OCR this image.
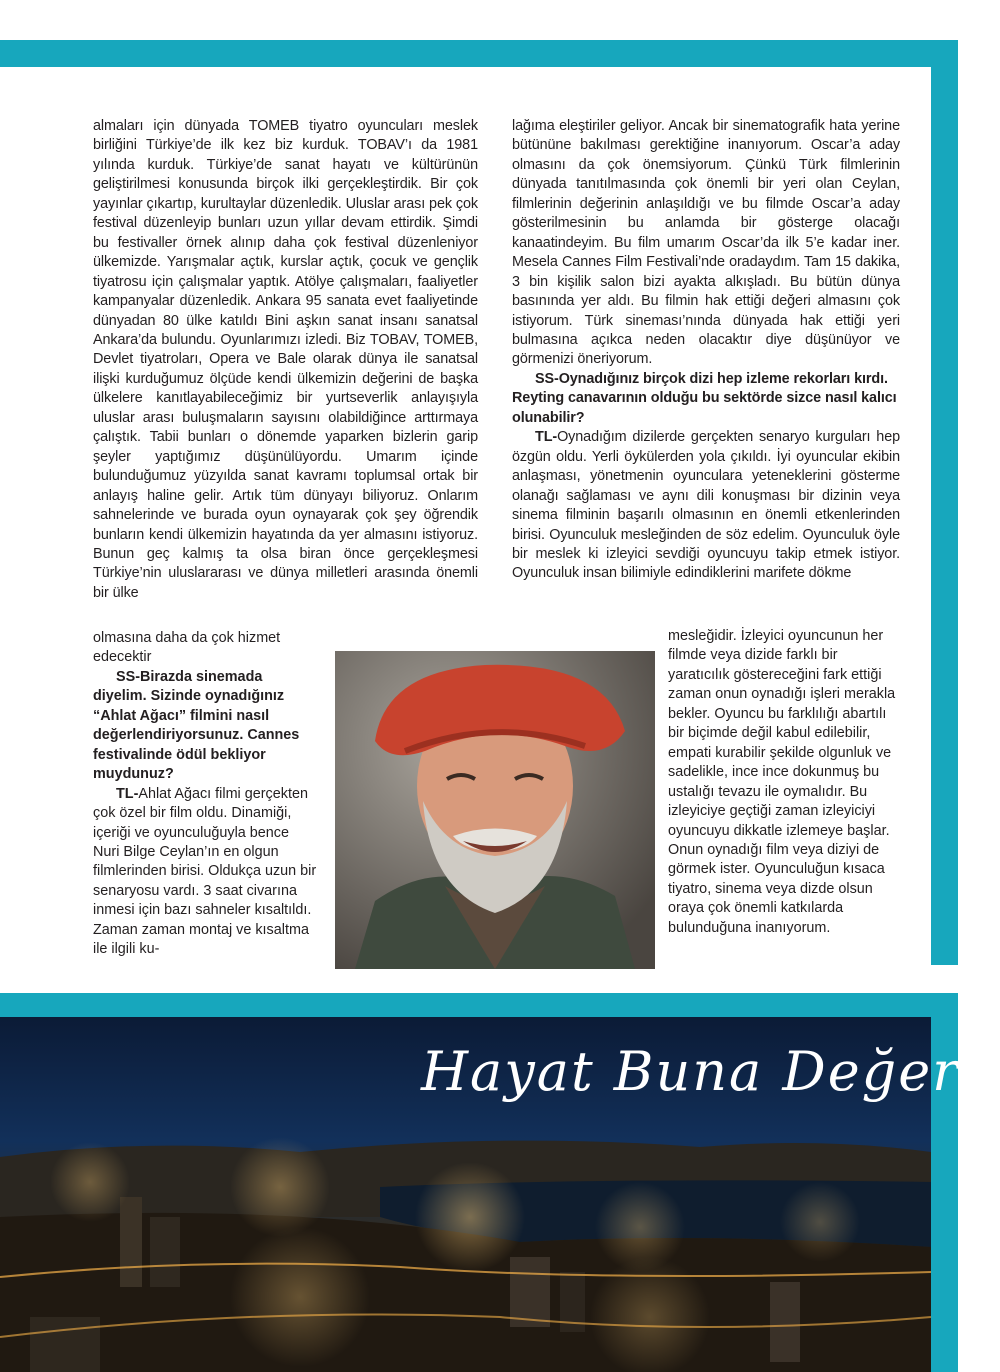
almaları için dünyada TOMEB tiyatro oyuncuları meslek birliğini Türkiye’de ilk kez biz kurduk. TOBAV’ı da 1981 yılında kurduk. Türkiye’de sanat hayatı ve kültürünün geliştirilmesi konusunda birçok ilki gerçekleştirdik. Bir çok yayınlar çıkartıp, kurultaylar düzenledik. Uluslar arası pek çok festival düzenleyip bunları uzun yıllar devam ettirdik. Şimdi bu festivaller örnek alınıp daha çok festival düzenleniyor ülkemizde. Yarışmalar açtık, kurslar açtık, çocuk ve gençlik tiyatrosu için çalışmalar yaptık. Atölye çalışmaları, faaliyetler kampanyalar düzenledik. Ankara 95 sanata evet faaliyetinde dünyadan 80 ülke katıldı Bini aşkın sanat insanı sanatsal Ankara’da bulundu. Oyunlarımızı izledi. Biz TOBAV, TOMEB, Devlet tiyatroları, Opera ve Bale olarak dünya ile sanatsal ilişki kurduğumuz ölçüde kendi ülkemizin değerini de başka ülkelere kanıtlayabileceğimiz bir yurtseverlik anlayışıyla uluslar arası buluşmaların sayısını olabildiğince arttırmaya çalıştık. Tabii bunları o dönemde yaparken bizlerin garip şeyler yaptığımız düşünülüyordu. Umarım içinde bulunduğumuz yüzyılda sanat kavramı toplumsal ortak bir anlayış haline gelir. Artık tüm dünyayı biliyoruz. Onlarım sahnelerinde ve burada oyun oynayarak çok şey öğrendik bunların kendi ülkemizin hayatında da yer almasını istiyoruz. Bunun geç kalmış ta olsa biran önce gerçekleşmesi Türkiye’nin uluslararası ve dünya milletleri arasında önemli bir ülke

olmasına daha da çok hizmet edecektir

SS-Birazda sinemada diyelim. Sizinde oynadığınız “Ahlat Ağacı” filmini nasıl değerlendiriyorsunuz. Cannes festivalinde ödül bekliyor muydunuz?

TL-Ahlat Ağacı filmi gerçekten çok özel bir film oldu. Dinamiği, içeriği ve oyunculuğuyla bence Nuri Bilge Ceylan’ın en olgun filmlerinden birisi. Oldukça uzun bir senaryosu vardı. 3 saat civarına inmesi için bazı sahneler kısaltıldı. Zaman zaman montaj ve kısaltma ile ilgili ku-

lağıma eleştiriler geliyor. Ancak bir sinematografik hata yerine bütününe bakılması gerektiğine inanıyorum. Oscar’a aday olmasını da çok önemsiyorum. Çünkü Türk filmlerinin dünyada tanıtılmasında çok önemli bir yeri olan Ceylan, filmlerinin değerinin anlaşıldığı ve bu filmde Oscar’a aday gösterilmesinin bu anlamda bir gösterge olacağı kanaatindeyim. Bu film umarım Oscar’da ilk 5’e kadar iner. Mesela Cannes Film Festivali’nde oradaydım. Tam 15 dakika, 3 bin kişilik salon bizi ayakta alkışladı. Bu bütün dünya basınında yer aldı. Bu filmin hak ettiği değeri almasını çok istiyorum. Türk sineması’nında dünyada hak ettiği yeri bulmasına açıkca neden olacaktır diye düşünüyor ve görmenizi öneriyorum.

SS-Oynadığınız birçok dizi hep izleme rekorları kırdı. Reyting canavarının olduğu bu sektörde sizce nasıl kalıcı olunabilir?

TL-Oynadığım dizilerde gerçekten senaryo kurguları hep özgün oldu. Yerli öykülerden yola çıkıldı. İyi oyuncular ekibin anlaşması, yönetmenin oyunculara yeteneklerini gösterme olanağı sağlaması ve aynı dili konuşması bir dizinin veya sinema filminin başarılı olmasının en önemli etkenlerinden birisi. Oyunculuk mesleğinden de söz edelim. Oyunculuk öyle bir meslek ki izleyici sevdiği oyuncuyu takip etmek istiyor. Oyunculuk insan bilimiyle edindiklerini marifete dökme

mesleğidir. İzleyici oyuncunun her filmde veya dizide farklı bir yaratıcılık göstereceğini fark ettiği zaman onun oynadığı işleri merakla bekler. Oyuncu bu farklılığı abartılı bir biçimde değil kabul edilebilir, empati kurabilir şekilde olgunluk ve sadelikle, ince ince dokunmuş bu ustalığı tevazu ile oymalıdır. Bu izleyiciye geçtiği zaman izleyiciyi oyuncuyu dikkatle izlemeye başlar. Onun oynadığı film veya diziyi de görmek ister. Oyunculuğun kısaca tiyatro, sinema veya dizde olsun oraya çok önemli katkılarda bulunduğuna inanıyorum.

Hayat Buna Değer
